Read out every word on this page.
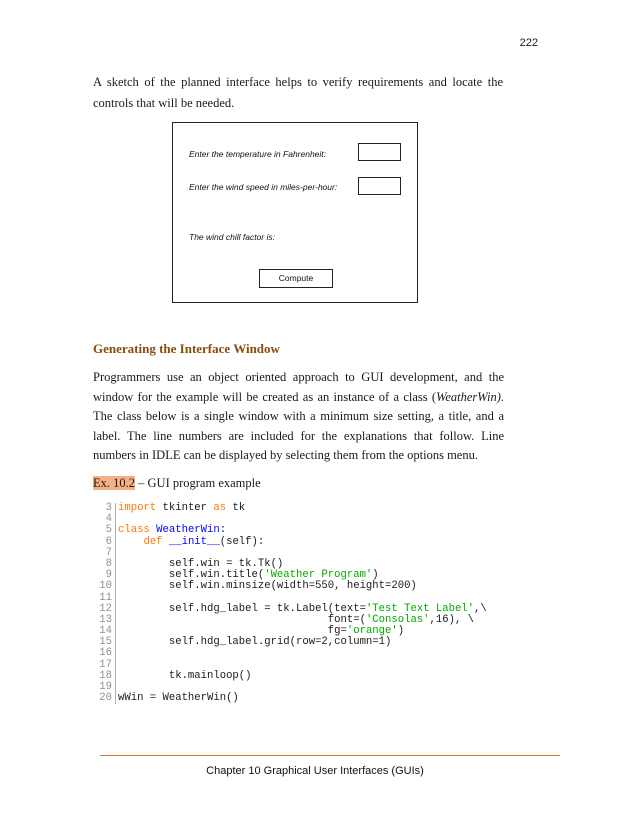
222

A sketch of the planned interface helps to verify requirements and locate the controls that will be needed.

Enter the temperature in Fahrenheit:
Enter the wind speed in miles-per-hour:
The wind chill factor is:
Compute
Generating the Interface Window

Programmers use an object oriented approach to GUI development, and the window for the example will be created as an instance of a class (WeatherWin). The class below is a single window with a minimum size setting, a title, and a label. The line numbers are included for the explanations that follow. Line numbers in IDLE can be displayed by selecting them from the options menu.

Ex. 10.2 – GUI program example
3 import tkinter as tk
4
5 class WeatherWin:
6	def __init__(self):
7
8        self.win = tk.Tk()
9        self.win.title('Weather Program')
10        self.win.minsize(width=550, height=200)
11
12        self.hdg_label = tk.Label(text='Test Text Label',\
13                                 font=('Consolas',16), \
14                                 fg='orange')
15        self.hdg_label.grid(row=2,column=1)
16
17
18        tk.mainloop()
19
20 wWin = WeatherWin()
Chapter 10 Graphical User Interfaces (GUIs)
